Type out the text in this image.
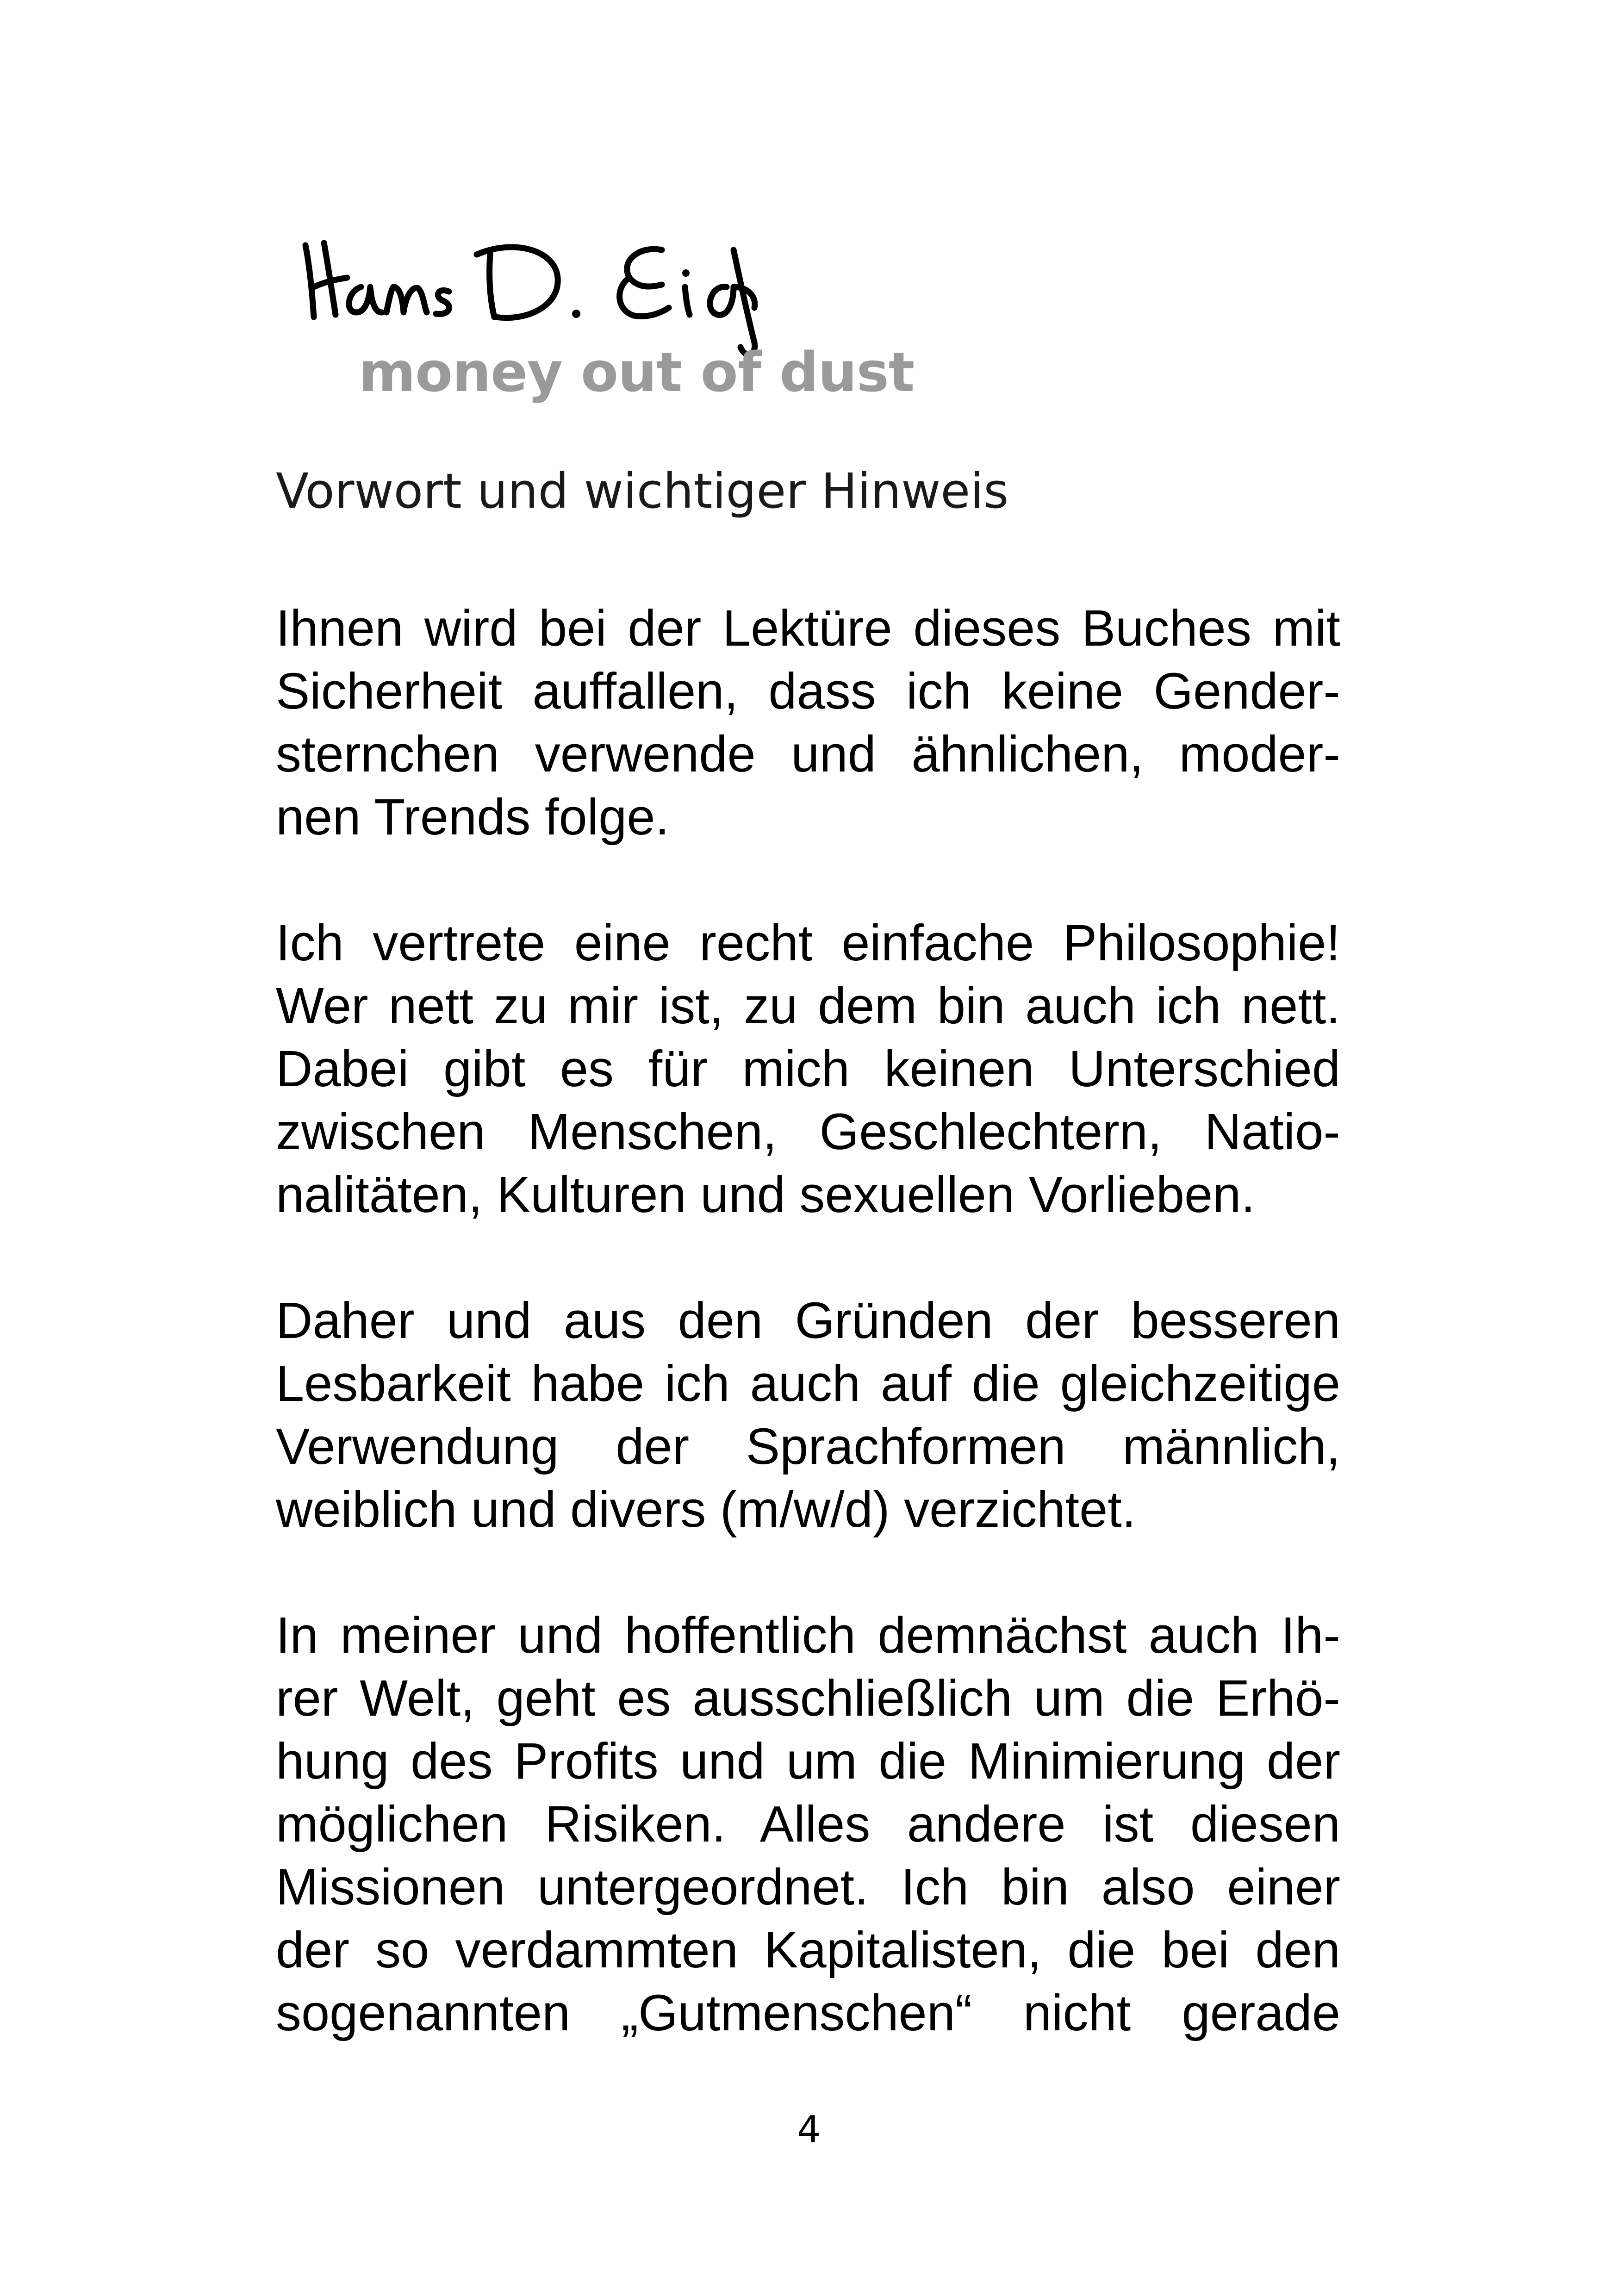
money out of dust
Vorwort und wichtiger Hinweis

Ihnen wird bei der Lektüre dieses Buches mit
Sicherheit auffallen, dass ich keine Gender-
sternchen verwende und ähnlichen, moder-
nen Trends folge.

Ich vertrete eine recht einfache Philosophie!
Wer nett zu mir ist, zu dem bin auch ich nett.
Dabei gibt es für mich keinen Unterschied
zwischen Menschen, Geschlechtern, Natio-
nalitäten, Kulturen und sexuellen Vorlieben.

Daher und aus den Gründen der besseren
Lesbarkeit habe ich auch auf die gleichzeitige
Verwendung der Sprachformen männlich,
weiblich und divers (m/w/d) verzichtet.

In meiner und hoffentlich demnächst auch Ih-
rer Welt, geht es ausschließlich um die Erhö-
hung des Profits und um die Minimierung der
möglichen Risiken. Alles andere ist diesen
Missionen untergeordnet. Ich bin also einer
der so verdammten Kapitalisten, die bei den
sogenannten „Gutmenschen“ nicht gerade

4
